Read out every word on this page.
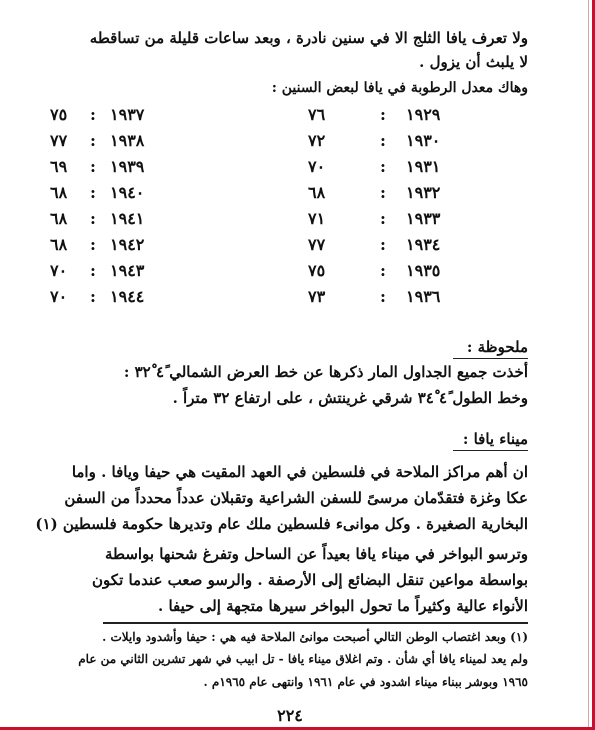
ولا تعرف يافا الثلج الا في سنين نادرة ، وبعد ساعات قليلة من تساقطه
لا يلبث أن يزول .
وهاك معدل الرطوبة في يافا لبعض السنين :
١٩٢٩
:
٧٦
١٩٣٧
:
٧٥
١٩٣٠
:
٧٢
١٩٣٨
:
٧٧
١٩٣١
:
٧٠
١٩٣٩
:
٦٩
١٩٣٢
:
٦٨
١٩٤٠
:
٦٨
١٩٣٣
:
٧١
١٩٤١
:
٦٨
١٩٣٤
:
٧٧
١٩٤٢
:
٦٨
١٩٣٥
:
٧٥
١٩٤٣
:
٧٠
١٩٣٦
:
٧٣
١٩٤٤
:
٧٠
ملحوظة :
أخذت جميع الجداول المار ذكرها عن خط العرض الشمالي ٤ً ٣٢ْ :
وخط الطول ٤ً ٣٤ْ شرقي غرينتش ، على ارتفاع ٣٢ متراً .
ميناء يافا :
ان أهم مراكز الملاحة في فلسطين في العهد المقيت هي حيفا ويافا . واما
عكا وغزة فتقدّمان مرسىً للسفن الشراعية وتقبلان عدداً محدداً من السفن
البخارية الصغيرة . وكل موانىء فلسطين ملك عام وتديرها حكومة فلسطين (١)
وترسو البواخر في ميناء يافا بعيداً عن الساحل وتفرغ شحنها بواسطة
بواسطة مواعين تنقل البضائع إلى الأرصفة . والرسو صعب عندما تكون
الأنواء عالية وكثيراً ما تحول البواخر سيرها متجهة إلى حيفا .
(١) وبعد اغتصاب الوطن التالي أصبحت موانئ الملاحة فيه هي : حيفا وأشدود وايلات .
ولم يعد لميناء يافا أي شأن . وتم اغلاق ميناء يافا - تل ابيب في شهر تشرين الثاني من عام
١٩٦٥ وبوشر ببناء ميناء اشدود في عام ١٩٦١ وانتهى عام ١٩٦٥م .
٢٢٤
